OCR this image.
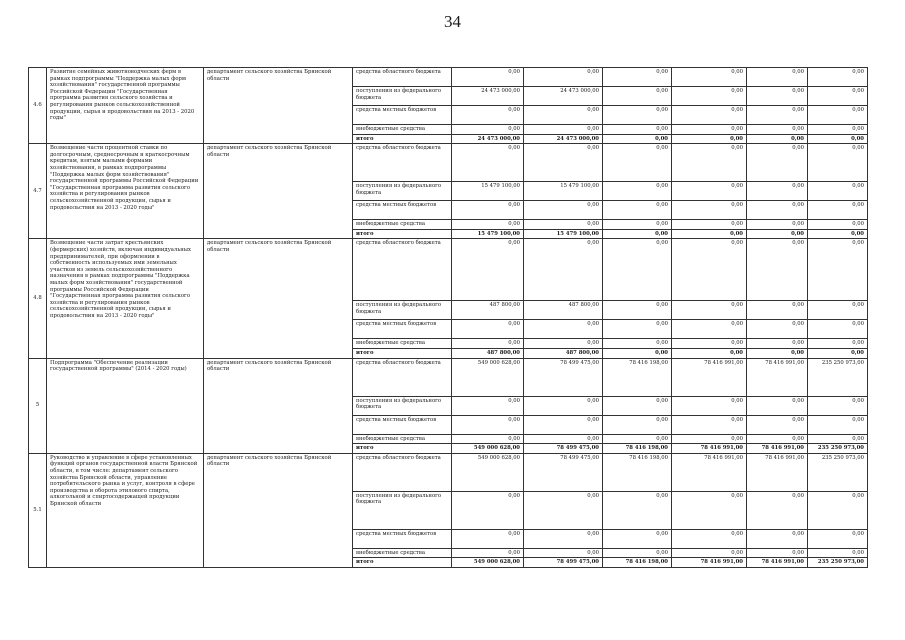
34
4.6	Развитие семейных животноводческих ферм в рамках подпрограммы "Поддержка малых форм хозяйствования" государственной программы Российской Федерации "Государственная программа развития сельского хозяйства и регулирования рынков сельскохозяйственной продукции, сырья и продовольствия на 2013 - 2020 годы"	департамент сельского хозяйства Брянской области	средства областного бюджета	0,00	0,00	0,00	0,00	0,00	0,00
			поступления из федерального бюджета	24 473 000,00	24 473 000,00	0,00	0,00	0,00	0,00
			средства местных бюджетов	0,00	0,00	0,00	0,00	0,00	0,00
			внебюджетные средства	0,00	0,00	0,00	0,00	0,00	0,00
			итого	24 473 000,00	24 473 000,00	0,00	0,00	0,00	0,00
4.7	Возмещение части процентной ставки по долгосрочным, среднесрочным и краткосрочным кредитам, взятым малыми формами хозяйствования, в рамках подпрограммы "Поддержка малых форм хозяйствования" государственной программы Российской Федерации "Государственная программа развития сельского хозяйства и регулирования рынков сельскохозяйственной продукции, сырья и продовольствия на 2013 - 2020 годы"	департамент сельского хозяйства Брянской области	средства областного бюджета	0,00	0,00	0,00	0,00	0,00	0,00
			поступления из федерального бюджета	15 479 100,00	15 479 100,00	0,00	0,00	0,00	0,00
			средства местных бюджетов	0,00	0,00	0,00	0,00	0,00	0,00
			внебюджетные средства	0,00	0,00	0,00	0,00	0,00	0,00
			итого	15 479 100,00	15 479 100,00	0,00	0,00	0,00	0,00
4.8	Возмещение части затрат крестьянских (фермерских) хозяйств, включая индивидуальных предпринимателей, при оформлении в собственность используемых ими земельных участков из земель сельскохозяйственного назначения в рамках подпрограммы "Поддержка малых форм хозяйствования" государственной программы Российской Федерации "Государственная программа развития сельского хозяйства и регулирования рынков сельскохозяйственной продукции, сырья и продовольствия на 2013 - 2020 годы"	департамент сельского хозяйства Брянской области	средства областного бюджета	0,00	0,00	0,00	0,00	0,00	0,00
			поступления из федерального бюджета	487 800,00	487 800,00	0,00	0,00	0,00	0,00
			средства местных бюджетов	0,00	0,00	0,00	0,00	0,00	0,00
			внебюджетные средства	0,00	0,00	0,00	0,00	0,00	0,00
			итого	487 800,00	487 800,00	0,00	0,00	0,00	0,00
5	Подпрограмма "Обеспечение реализации государственной программы" (2014 - 2020 годы)	департамент сельского хозяйства Брянской области	средства областного бюджета	549 000 628,00	78 499 475,00	78 416 198,00	78 416 991,00	78 416 991,00	235 250 973,00
			поступления из федерального бюджета	0,00	0,00	0,00	0,00	0,00	0,00
			средства местных бюджетов	0,00	0,00	0,00	0,00	0,00	0,00
			внебюджетные средства	0,00	0,00	0,00	0,00	0,00	0,00
			итого	549 000 628,00	78 499 475,00	78 416 198,00	78 416 991,00	78 416 991,00	235 250 973,00
5.1	Руководство и управление в сфере установленных функций органов государственной власти Брянской области, в том числе: департамент сельского хозяйства Брянской области, управление потребительского рынка и услуг, контроля в сфере производства и оборота этилового спирта, алкогольной и спиртосодержащей продукции Брянской области	департамент сельского хозяйства Брянской области	средства областного бюджета	549 000 628,00	78 499 475,00	78 416 198,00	78 416 991,00	78 416 991,00	235 250 973,00
			поступления из федерального бюджета	0,00	0,00	0,00	0,00	0,00	0,00
			средства местных бюджетов	0,00	0,00	0,00	0,00	0,00	0,00
			внебюджетные средства	0,00	0,00	0,00	0,00	0,00	0,00
			итого	549 000 628,00	78 499 475,00	78 416 198,00	78 416 991,00	78 416 991,00	235 250 973,00
